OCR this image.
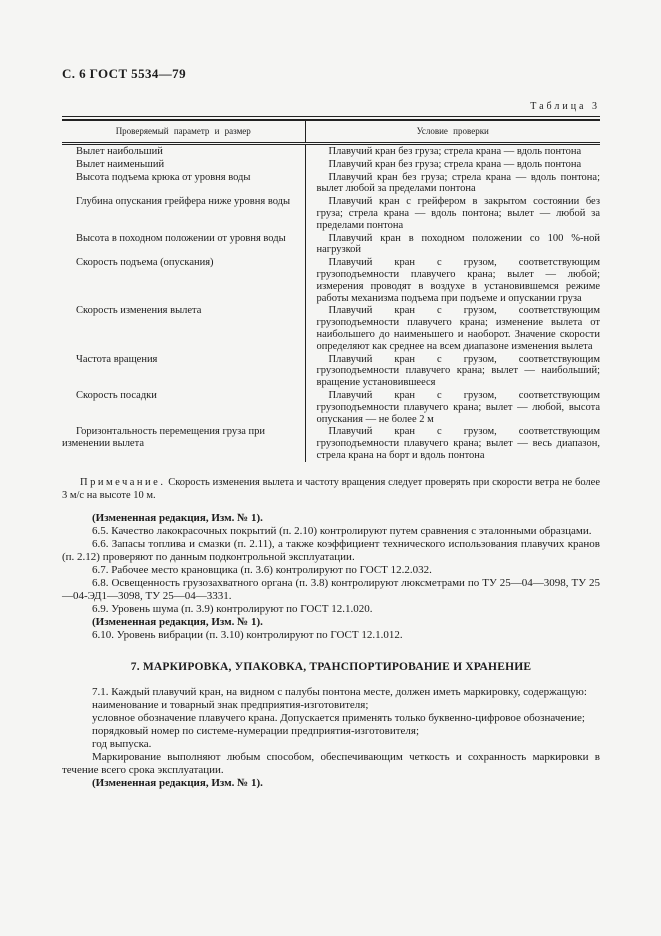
С. 6 ГОСТ 5534—79
Таблица 3
Проверяемый параметр и размер	Условие проверки

Вылет наибольший	Плавучий кран без груза; стрела крана — вдоль понтона

Вылет наименьший	Плавучий кран без груза; стрела крана — вдоль понтона

Высота подъема крюка от уровня воды	Плавучий кран без груза; стрела крана — вдоль понтона; вылет любой за пределами понтона

Глубина опускания грейфера ниже уровня воды	Плавучий кран с грейфером в закрытом состоянии без груза; стрела крана — вдоль понтона; вылет — любой за пределами понтона

Высота в походном положении от уровня воды	Плавучий кран в походном положении со 100 %-ной нагрузкой

Скорость подъема (опускания)	Плавучий кран с грузом, соответствующим грузоподъемности плавучего крана; вылет — любой; измерения проводят в воздухе в установившемся режиме работы механизма подъема при подъеме и опускании груза

Скорость изменения вылета	Плавучий кран с грузом, соответствующим грузоподъемности плавучего крана; изменение вылета от наибольшего до наименьшего и наоборот. Значение скорости определяют как среднее на всем диапазоне изменения вылета

Частота вращения	Плавучий кран с грузом, соответствующим грузоподъемности плавучего крана; вылет — наибольший; вращение установившееся

Скорость посадки	Плавучий кран с грузом, соответствующим грузоподъемности плавучего крана; вылет — любой, высота опускания — не более 2 м

Горизонтальность перемещения груза при изменении вылета	Плавучий кран с грузом, соответствующим грузоподъемности плавучего крана; вылет — весь диапазон, стрела крана на борт и вдоль понтона

Примечание. Скорость изменения вылета и частоту вращения следует проверять при скорости ветра не более 3 м/с на высоте 10 м.

(Измененная редакция, Изм. № 1).

6.5. Качество лакокрасочных покрытий (п. 2.10) контролируют путем сравнения с эталонными образцами.

6.6. Запасы топлива и смазки (п. 2.11), а также коэффициент технического использования плавучих кранов (п. 2.12) проверяют по данным подконтрольной эксплуатации.

6.7. Рабочее место крановщика (п. 3.6) контролируют по ГОСТ 12.2.032.

6.8. Освещенность грузозахватного органа (п. 3.8) контролируют люксметрами по ТУ 25—04—3098, ТУ 25—04-ЭД1—3098, ТУ 25—04—3331.

6.9. Уровень шума (п. 3.9) контролируют по ГОСТ 12.1.020.

(Измененная редакция, Изм. № 1).

6.10. Уровень вибрации (п. 3.10) контролируют по ГОСТ 12.1.012.

7. МАРКИРОВКА, УПАКОВКА, ТРАНСПОРТИРОВАНИЕ И ХРАНЕНИЕ

7.1. Каждый плавучий кран, на видном с палубы понтона месте, должен иметь маркировку, содержащую:

наименование и товарный знак предприятия-изготовителя;

условное обозначение плавучего крана. Допускается применять только буквенно-цифровое обозначение;

порядковый номер по системе-нумерации предприятия-изготовителя;

год выпуска.

Маркирование выполняют любым способом, обеспечивающим четкость и сохранность маркировки в течение всего срока эксплуатации.

(Измененная редакция, Изм. № 1).
